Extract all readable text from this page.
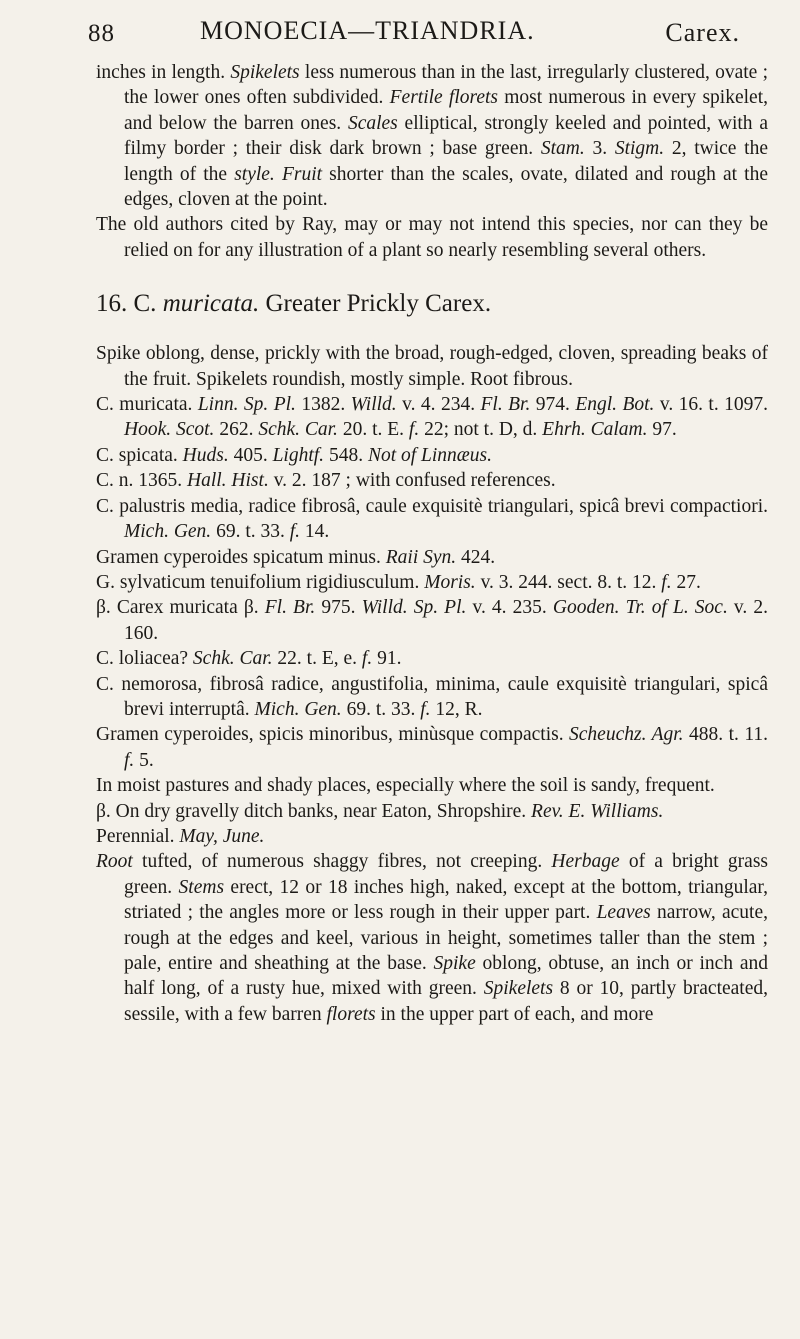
88	MONOECIA—TRIANDRIA.	Carex.

inches in length. Spikelets less numerous than in the last, irregularly clustered, ovate ; the lower ones often subdivided. Fertile florets most numerous in every spikelet, and below the barren ones. Scales elliptical, strongly keeled and pointed, with a filmy border ; their disk dark brown ; base green. Stam. 3. Stigm. 2, twice the length of the style. Fruit shorter than the scales, ovate, dilated and rough at the edges, cloven at the point.

The old authors cited by Ray, may or may not intend this species, nor can they be relied on for any illustration of a plant so nearly resembling several others.

16. C. muricata. Greater Prickly Carex.

Spike oblong, dense, prickly with the broad, rough-edged, cloven, spreading beaks of the fruit. Spikelets roundish, mostly simple. Root fibrous.

C. muricata. Linn. Sp. Pl. 1382. Willd. v. 4. 234. Fl. Br. 974. Engl. Bot. v. 16. t. 1097. Hook. Scot. 262. Schk. Car. 20. t. E. f. 22; not t. D, d. Ehrh. Calam. 97.

C. spicata. Huds. 405. Lightf. 548. Not of Linnæus.

C. n. 1365. Hall. Hist. v. 2. 187 ; with confused references.

C. palustris media, radice fibrosâ, caule exquisitè triangulari, spicâ brevi compactiori. Mich. Gen. 69. t. 33. f. 14.

Gramen cyperoides spicatum minus. Raii Syn. 424.

G. sylvaticum tenuifolium rigidiusculum. Moris. v. 3. 244. sect. 8. t. 12. f. 27.

β. Carex muricata β. Fl. Br. 975. Willd. Sp. Pl. v. 4. 235. Gooden. Tr. of L. Soc. v. 2. 160.

C. loliacea? Schk. Car. 22. t. E, e. f. 91.

C. nemorosa, fibrosâ radice, angustifolia, minima, caule exquisitè triangulari, spicâ brevi interruptâ. Mich. Gen. 69. t. 33. f. 12, R.

Gramen cyperoides, spicis minoribus, minùsque compactis. Scheuchz. Agr. 488. t. 11. f. 5.

In moist pastures and shady places, especially where the soil is sandy, frequent.

β. On dry gravelly ditch banks, near Eaton, Shropshire. Rev. E. Williams.

Perennial. May, June.

Root tufted, of numerous shaggy fibres, not creeping. Herbage of a bright grass green. Stems erect, 12 or 18 inches high, naked, except at the bottom, triangular, striated ; the angles more or less rough in their upper part. Leaves narrow, acute, rough at the edges and keel, various in height, sometimes taller than the stem ; pale, entire and sheathing at the base. Spike oblong, obtuse, an inch or inch and half long, of a rusty hue, mixed with green. Spikelets 8 or 10, partly bracteated, sessile, with a few barren florets in the upper part of each, and more
